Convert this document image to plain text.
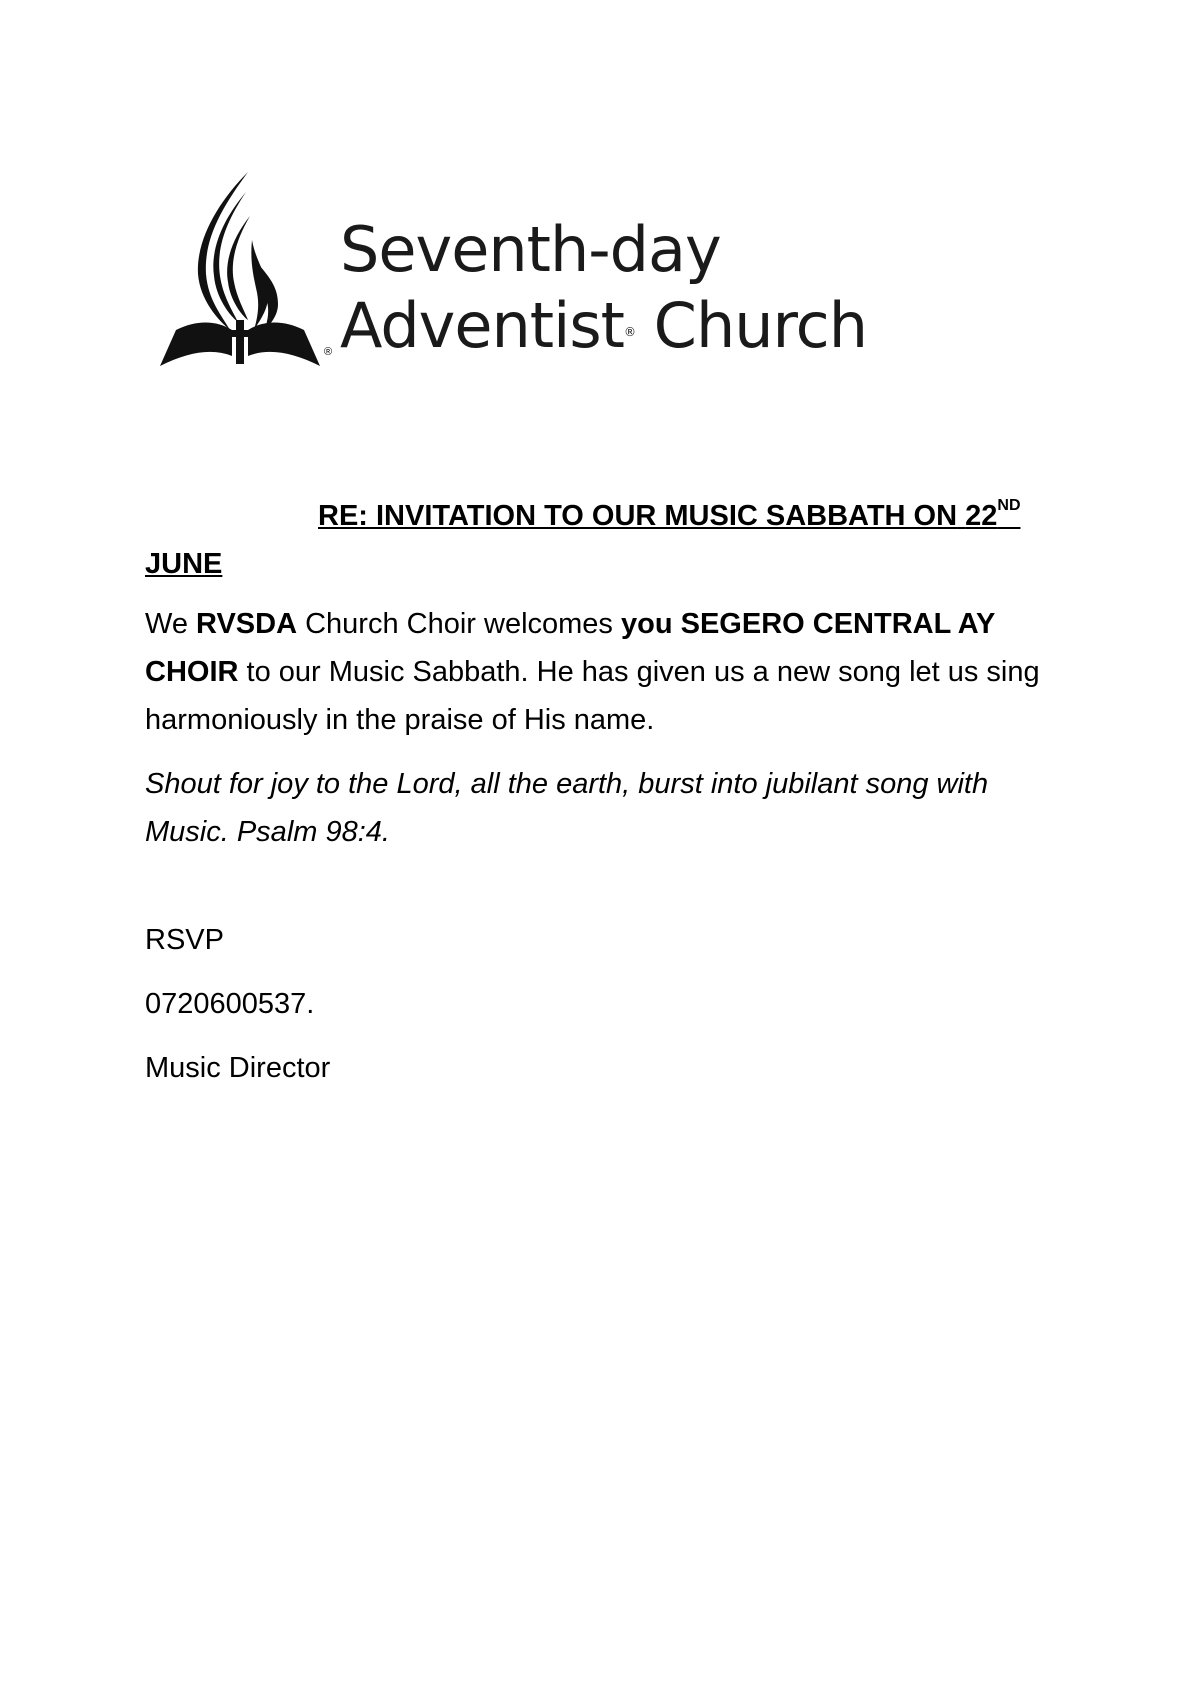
®
Seventh-day
Adventist® Church
RE: INVITATION TO OUR MUSIC SABBATH ON 22ND JUNE
We RVSDA Church Choir welcomes you SEGERO CENTRAL AY CHOIR to our Music Sabbath. He has given us a new song let us sing harmoniously in the praise of His name.
Shout for joy to the Lord, all the earth, burst into jubilant song with Music. Psalm 98:4.
RSVP
0720600537.
Music Director
